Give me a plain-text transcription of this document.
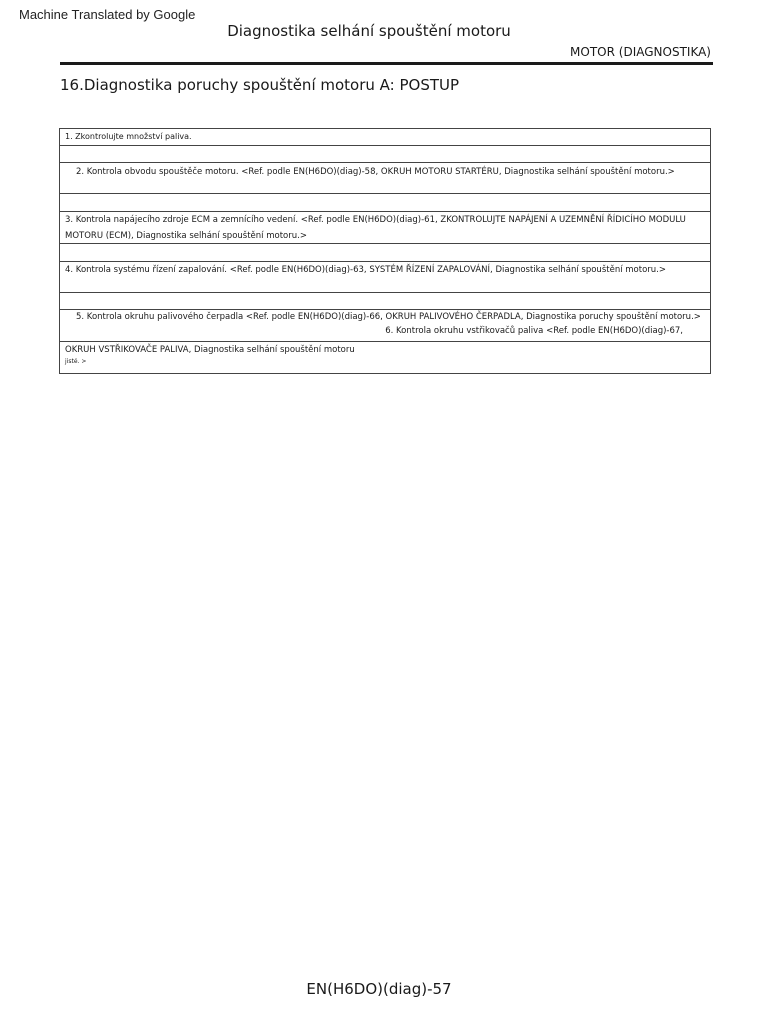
Machine Translated by Google
Diagnostika selhání spouštění motoru
MOTOR (DIAGNOSTIKA)
16.Diagnostika poruchy spouštění motoru A: POSTUP
1. Zkontrolujte množství paliva.
2. Kontrola obvodu spouštěče motoru. <Ref. podle EN(H6DO)(diag)-58, OKRUH MOTORU STARTÉRU, Diagnostika selhání spouštění motoru.>
3. Kontrola napájecího zdroje ECM a zemnícího vedení. <Ref. podle EN(H6DO)(diag)-61, ZKONTROLUJTE NAPÁJENÍ A UZEMNĚNÍ ŘÍDICÍHO MODULU MOTORU (ECM), Diagnostika selhání spouštění motoru.>
4. Kontrola systému řízení zapalování. <Ref. podle EN(H6DO)(diag)-63, SYSTÉM ŘÍZENÍ ZAPALOVÁNÍ, Diagnostika selhání spouštění motoru.>
5. Kontrola okruhu palivového čerpadla <Ref. podle EN(H6DO)(diag)-66, OKRUH PALIVOVÉHO ČERPADLA, Diagnostika poruchy spouštění motoru.>
6. Kontrola okruhu vstřikovačů paliva <Ref. podle EN(H6DO)(diag)-67,
OKRUH VSTŘIKOVAČE PALIVA, Diagnostika selhání spouštění motoru
jisté. >
EN(H6DO)(diag)-57
